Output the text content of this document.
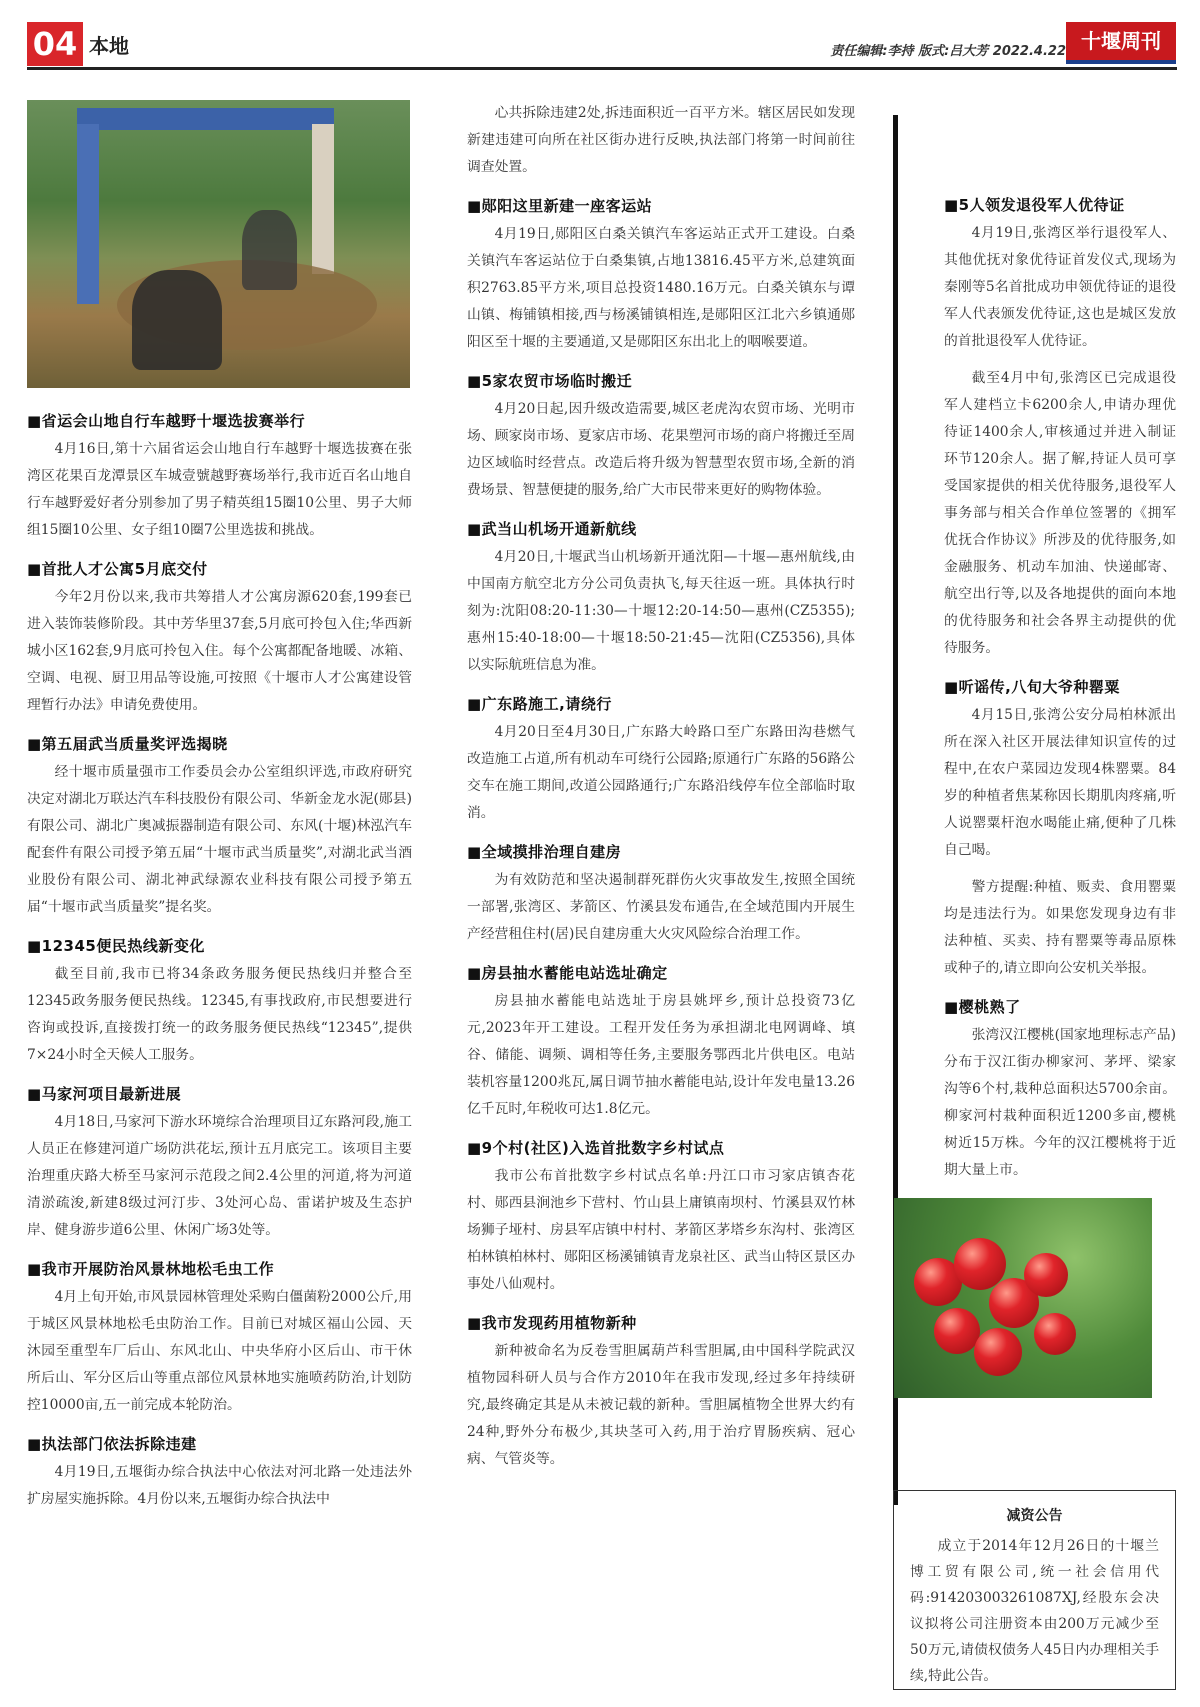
04 本地	责任编辑:李持 版式:吕大芳 2022.4.22 十堰周刊
■省运会山地自行车越野十堰选拔赛举行

4月16日,第十六届省运会山地自行车越野十堰选拔赛在张湾区花果百龙潭景区车城壹號越野赛场举行,我市近百名山地自行车越野爱好者分别参加了男子精英组15圈10公里、男子大师组15圈10公里、女子组10圈7公里选拔和挑战。

■首批人才公寓5月底交付

今年2月份以来,我市共筹措人才公寓房源620套,199套已进入装饰装修阶段。其中芳华里37套,5月底可拎包入住;华西新城小区162套,9月底可拎包入住。每个公寓都配备地暖、冰箱、空调、电视、厨卫用品等设施,可按照《十堰市人才公寓建设管理暂行办法》申请免费使用。

■第五届武当质量奖评选揭晓

经十堰市质量强市工作委员会办公室组织评选,市政府研究决定对湖北万联达汽车科技股份有限公司、华新金龙水泥(郧县)有限公司、湖北广奥减振器制造有限公司、东风(十堰)林泓汽车配套件有限公司授予第五届“十堰市武当质量奖”,对湖北武当酒业股份有限公司、湖北神武绿源农业科技有限公司授予第五届“十堰市武当质量奖”提名奖。

■12345便民热线新变化

截至目前,我市已将34条政务服务便民热线归并整合至12345政务服务便民热线。12345,有事找政府,市民想要进行咨询或投诉,直接拨打统一的政务服务便民热线“12345”,提供7×24小时全天候人工服务。

■马家河项目最新进展

4月18日,马家河下游水环境综合治理项目辽东路河段,施工人员正在修建河道广场防洪花坛,预计五月底完工。该项目主要治理重庆路大桥至马家河示范段之间2.4公里的河道,将为河道清淤疏浚,新建8级过河汀步、3处河心岛、雷诺护坡及生态护岸、健身游步道6公里、休闲广场3处等。

■我市开展防治风景林地松毛虫工作

4月上旬开始,市风景园林管理处采购白僵菌粉2000公斤,用于城区风景林地松毛虫防治工作。目前已对城区福山公园、天沐园至重型车厂后山、东风北山、中央华府小区后山、市干休所后山、军分区后山等重点部位风景林地实施喷药防治,计划防控10000亩,五一前完成本轮防治。

■执法部门依法拆除违建

4月19日,五堰街办综合执法中心依法对河北路一处违法外扩房屋实施拆除。4月份以来,五堰街办综合执法中

心共拆除违建2处,拆违面积近一百平方米。辖区居民如发现新建违建可向所在社区街办进行反映,执法部门将第一时间前往调查处置。

■郧阳这里新建一座客运站

4月19日,郧阳区白桑关镇汽车客运站正式开工建设。白桑关镇汽车客运站位于白桑集镇,占地13816.45平方米,总建筑面积2763.85平方米,项目总投资1480.16万元。白桑关镇东与谭山镇、梅铺镇相接,西与杨溪铺镇相连,是郧阳区江北六乡镇通郧阳区至十堰的主要通道,又是郧阳区东出北上的咽喉要道。

■5家农贸市场临时搬迁

4月20日起,因升级改造需要,城区老虎沟农贸市场、光明市场、顾家岗市场、夏家店市场、花果塑河市场的商户将搬迁至周边区域临时经营点。改造后将升级为智慧型农贸市场,全新的消费场景、智慧便捷的服务,给广大市民带来更好的购物体验。

■武当山机场开通新航线

4月20日,十堰武当山机场新开通沈阳—十堰—惠州航线,由中国南方航空北方分公司负责执飞,每天往返一班。具体执行时刻为:沈阳08:20-11:30—十堰12:20-14:50—惠州(CZ5355);惠州15:40-18:00—十堰18:50-21:45—沈阳(CZ5356),具体以实际航班信息为准。

■广东路施工,请绕行

4月20日至4月30日,广东路大岭路口至广东路田沟巷燃气改造施工占道,所有机动车可绕行公园路;原通行广东路的56路公交车在施工期间,改道公园路通行;广东路沿线停车位全部临时取消。

■全域摸排治理自建房

为有效防范和坚决遏制群死群伤火灾事故发生,按照全国统一部署,张湾区、茅箭区、竹溪县发布通告,在全域范围内开展生产经营租住村(居)民自建房重大火灾风险综合治理工作。

■房县抽水蓄能电站选址确定

房县抽水蓄能电站选址于房县姚坪乡,预计总投资73亿元,2023年开工建设。工程开发任务为承担湖北电网调峰、填谷、储能、调频、调相等任务,主要服务鄂西北片供电区。电站装机容量1200兆瓦,属日调节抽水蓄能电站,设计年发电量13.26亿千瓦时,年税收可达1.8亿元。

■9个村(社区)入选首批数字乡村试点

我市公布首批数字乡村试点名单:丹江口市习家店镇杏花村、郧西县涧池乡下营村、竹山县上庸镇南坝村、竹溪县双竹林场狮子垭村、房县军店镇中村村、茅箭区茅塔乡东沟村、张湾区柏林镇柏林村、郧阳区杨溪铺镇青龙泉社区、武当山特区景区办事处八仙观村。

■我市发现药用植物新种

新种被命名为反卷雪胆属葫芦科雪胆属,由中国科学院武汉植物园科研人员与合作方2010年在我市发现,经过多年持续研究,最终确定其是从未被记载的新种。雪胆属植物全世界大约有24种,野外分布极少,其块茎可入药,用于治疗胃肠疾病、冠心病、气管炎等。

■5人领发退役军人优待证

4月19日,张湾区举行退役军人、其他优抚对象优待证首发仪式,现场为秦刚等5名首批成功申领优待证的退役军人代表颁发优待证,这也是城区发放的首批退役军人优待证。

截至4月中旬,张湾区已完成退役军人建档立卡6200余人,申请办理优待证1400余人,审核通过并进入制证环节120余人。据了解,持证人员可享受国家提供的相关优待服务,退役军人事务部与相关合作单位签署的《拥军优抚合作协议》所涉及的优待服务,如金融服务、机动车加油、快递邮寄、航空出行等,以及各地提供的面向本地的优待服务和社会各界主动提供的优待服务。

■听谣传,八旬大爷种罂粟

4月15日,张湾公安分局柏林派出所在深入社区开展法律知识宣传的过程中,在农户菜园边发现4株罂粟。84岁的种植者焦某称因长期肌肉疼痛,听人说罂粟杆泡水喝能止痛,便种了几株自己喝。

警方提醒:种植、贩卖、食用罂粟均是违法行为。如果您发现身边有非法种植、买卖、持有罂粟等毒品原株或种子的,请立即向公安机关举报。

■樱桃熟了

张湾汉江樱桃(国家地理标志产品)分布于汉江街办柳家河、茅坪、梁家沟等6个村,栽种总面积达5700余亩。柳家河村栽种面积近1200多亩,樱桃树近15万株。今年的汉江樱桃将于近期大量上市。

减资公告

成立于2014年12月26日的十堰兰博工贸有限公司,统一社会信用代码:914203003261087XJ,经股东会决议拟将公司注册资本由200万元减少至50万元,请债权债务人45日内办理相关手续,特此公告。
